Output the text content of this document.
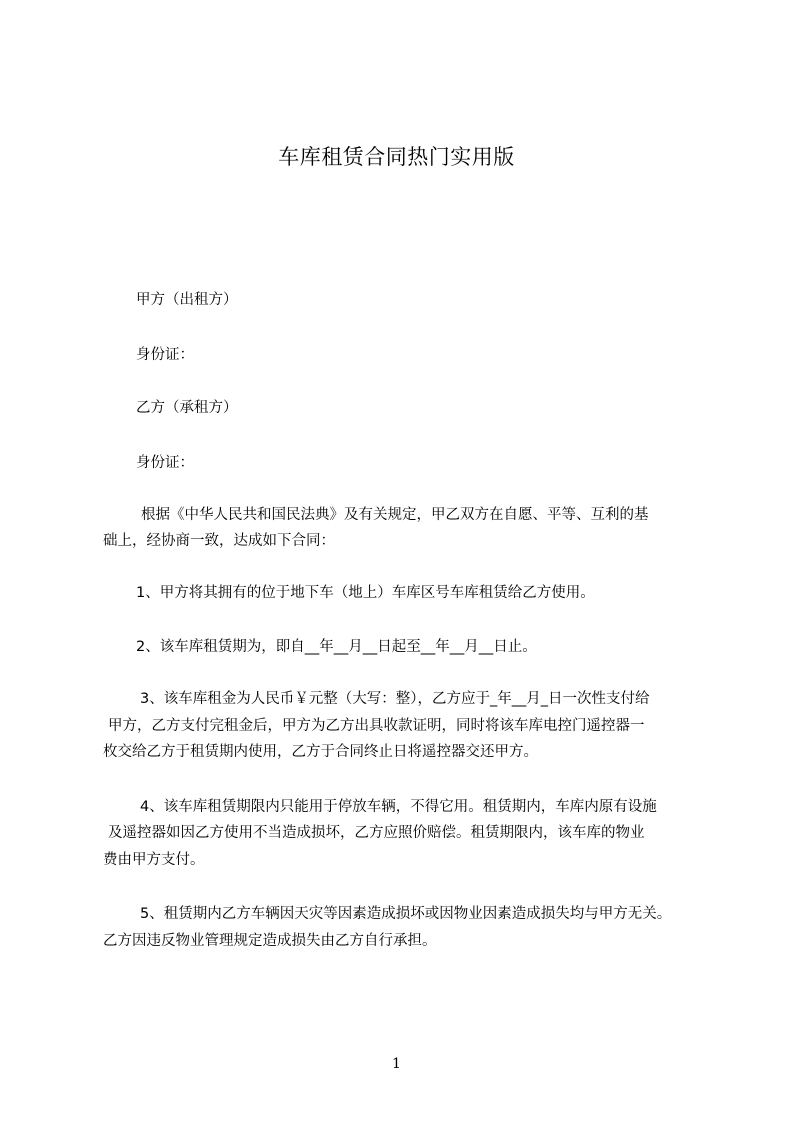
车库租赁合同热门实用版
甲方（出租方）
身份证：
乙方（承租方）
身份证：
根据《中华人民共和国民法典》及有关规定，甲乙双方在自愿、平等、互利的基
础上，经协商一致，达成如下合同：
1、甲方将其拥有的位于地下车（地上）车库区号车库租赁给乙方使用。
2、该车库租赁期为，即自__年__月__日起至__年__月__日止。
3、该车库租金为人民币￥元整（大写：整），乙方应于_年__月_日一次性支付给
甲方，乙方支付完租金后，甲方为乙方出具收款证明，同时将该车库电控门遥控器一
枚交给乙方于租赁期内使用，乙方于合同终止日将遥控器交还甲方。
4、该车库租赁期限内只能用于停放车辆，不得它用。租赁期内，车库内原有设施
及遥控器如因乙方使用不当造成损坏，乙方应照价赔偿。租赁期限内，该车库的物业
费由甲方支付。
5、租赁期内乙方车辆因天灾等因素造成损坏或因物业因素造成损失均与甲方无关。
乙方因违反物业管理规定造成损失由乙方自行承担。
1
